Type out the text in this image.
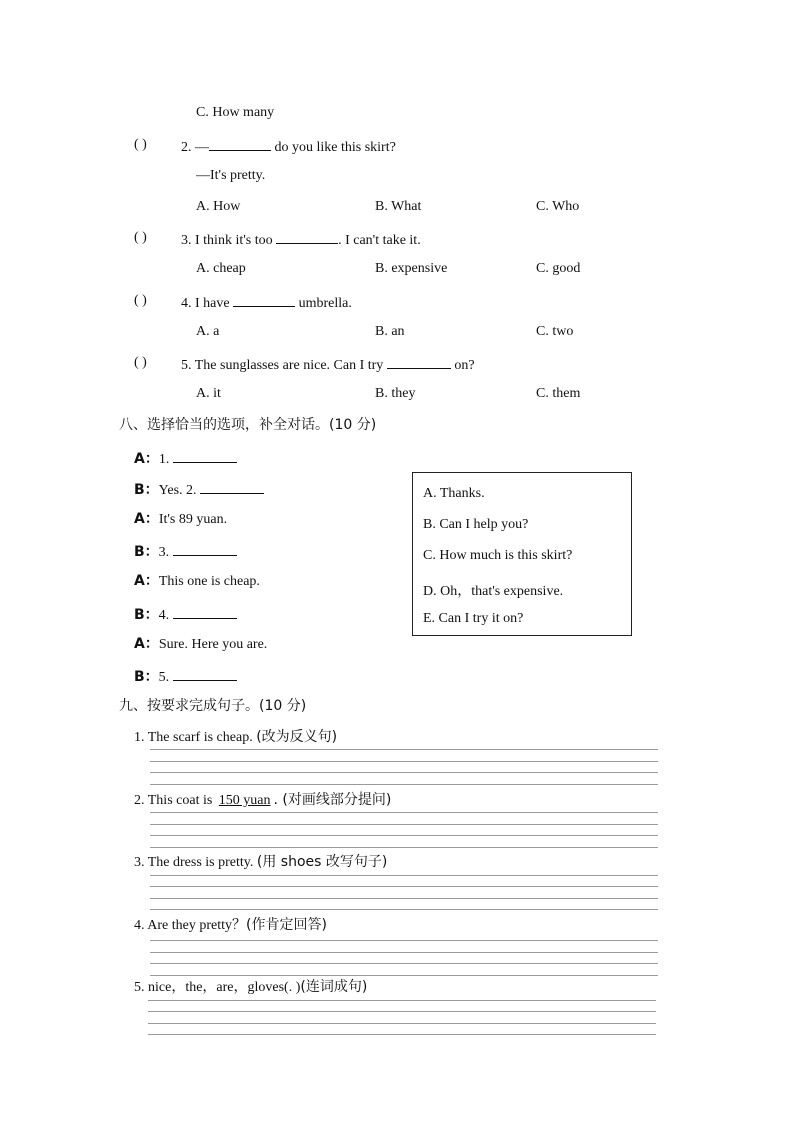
C. How many
( ) 2. —	do you like this skirt?
—It's pretty.
A. How	B. What	C. Who
( ) 3. I think it's too	. I can't take it.
A. cheap	B. expensive	C. good
( ) 4. I have	umbrella.
A. a	B. an	C. two
( ) 5. The sunglasses are nice. Can I try	on?
A. it	B. they	C. them
八、选择恰当的选项，补全对话。(10 分)
A：1.
B：Yes. 2.
A：It's 89 yuan.
B：3.
A：This one is cheap.
B：4.
A：Sure. Here you are.
B：5.
A. Thanks.
B. Can I help you?
C. How much is this skirt?
D. Oh，that's expensive.
E. Can I try it on?
九、按要求完成句子。(10 分)
1. The scarf is cheap. (改为反义句)
2. This coat is 150 yuan . (对画线部分提问)
3. The dress is pretty. (用 shoes 改写句子)
4. Are they pretty？(作肯定回答)
5. nice，the，are，gloves(. )(连词成句)
